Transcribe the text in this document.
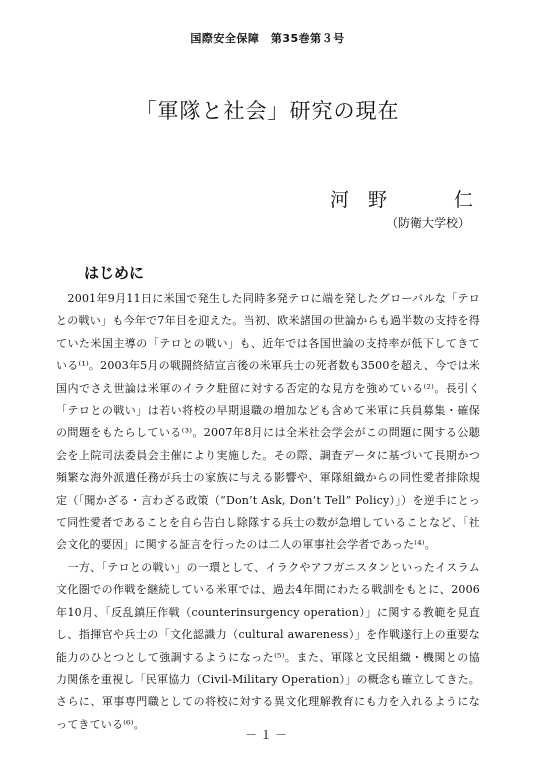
国際安全保障　第35巻第３号
「軍隊と社会」研究の現在
河　野	仁
（防衛大学校）
はじめに

2001年9月11日に米国で発生した同時多発テロに端を発したグローバルな「テロとの戦い」も今年で7年目を迎えた。当初、欧米諸国の世論からも過半数の支持を得ていた米国主導の「テロとの戦い」も、近年では各国世論の支持率が低下してきている⁽¹⁾。2003年5月の戦闘終結宣言後の米軍兵士の死者数も3500を超え、今では米国内でさえ世論は米軍のイラク駐留に対する否定的な見方を強めている⁽²⁾。長引く「テロとの戦い」は若い将校の早期退職の増加なども含めて米軍に兵員募集・確保の問題をもたらしている⁽³⁾。2007年8月には全米社会学会がこの問題に関する公聴会を上院司法委員会主催により実施した。その際、調査データに基づいて長期かつ頻繁な海外派遣任務が兵士の家族に与える影響や、軍隊組織からの同性愛者排除規定（「聞かざる・言わざる政策（“Don’t Ask, Don’t Tell” Policy）」）を逆手にとって同性愛者であることを自ら告白し除隊する兵士の数が急増していることなど、「社会文化的要因」に関する証言を行ったのは二人の軍事社会学者であった⁽⁴⁾。

一方、「テロとの戦い」の一環として、イラクやアフガニスタンといったイスラム文化圏での作戦を継続している米軍では、過去4年間にわたる戦訓をもとに、2006年10月、「反乱鎮圧作戦（counterinsurgency operation）」に関する教範を見直し、指揮官や兵士の「文化認識力（cultural awareness）」を作戦遂行上の重要な能力のひとつとして強調するようになった⁽⁵⁾。また、軍隊と文民組織・機関との協力関係を重視し「民軍協力（Civil-Military Operation）」の概念も確立してきた。さらに、軍事専門職としての将校に対する異文化理解教育にも力を入れるようになってきている⁽⁶⁾。

－１－
